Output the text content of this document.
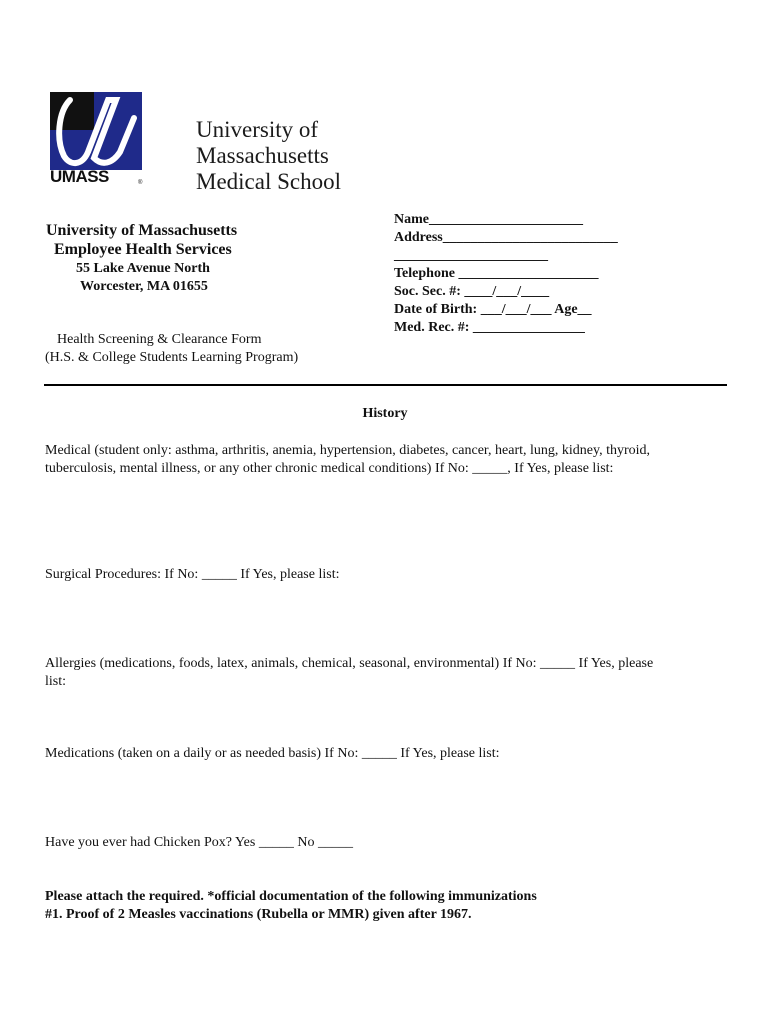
University of
Massachusetts
Medical School
UMASS	®
University of Massachusetts
Employee Health Services
55 Lake Avenue North
Worcester, MA 01655
Health Screening & Clearance Form
(H.S. & College Students Learning Program)
Name______________________
Address_________________________
______________________
Telephone ____________________
Soc. Sec. #: ____/___/____
Date of Birth: ___/___/___ Age__
Med. Rec. #: ________________
History
Medical (student only: asthma, arthritis, anemia, hypertension, diabetes, cancer, heart, lung, kidney, thyroid,
tuberculosis, mental illness, or any other chronic medical conditions) If No: _____, If Yes, please list:
Surgical Procedures: If No: _____ If Yes, please list:
Allergies (medications, foods, latex, animals, chemical, seasonal, environmental) If No: _____ If Yes, please
list:
Medications (taken on a daily or as needed basis) If No: _____ If Yes, please list:
Have you ever had Chicken Pox? Yes _____ No _____
Please attach the required. *official documentation of the following immunizations
#1. Proof of 2 Measles vaccinations (Rubella or MMR) given after 1967.
